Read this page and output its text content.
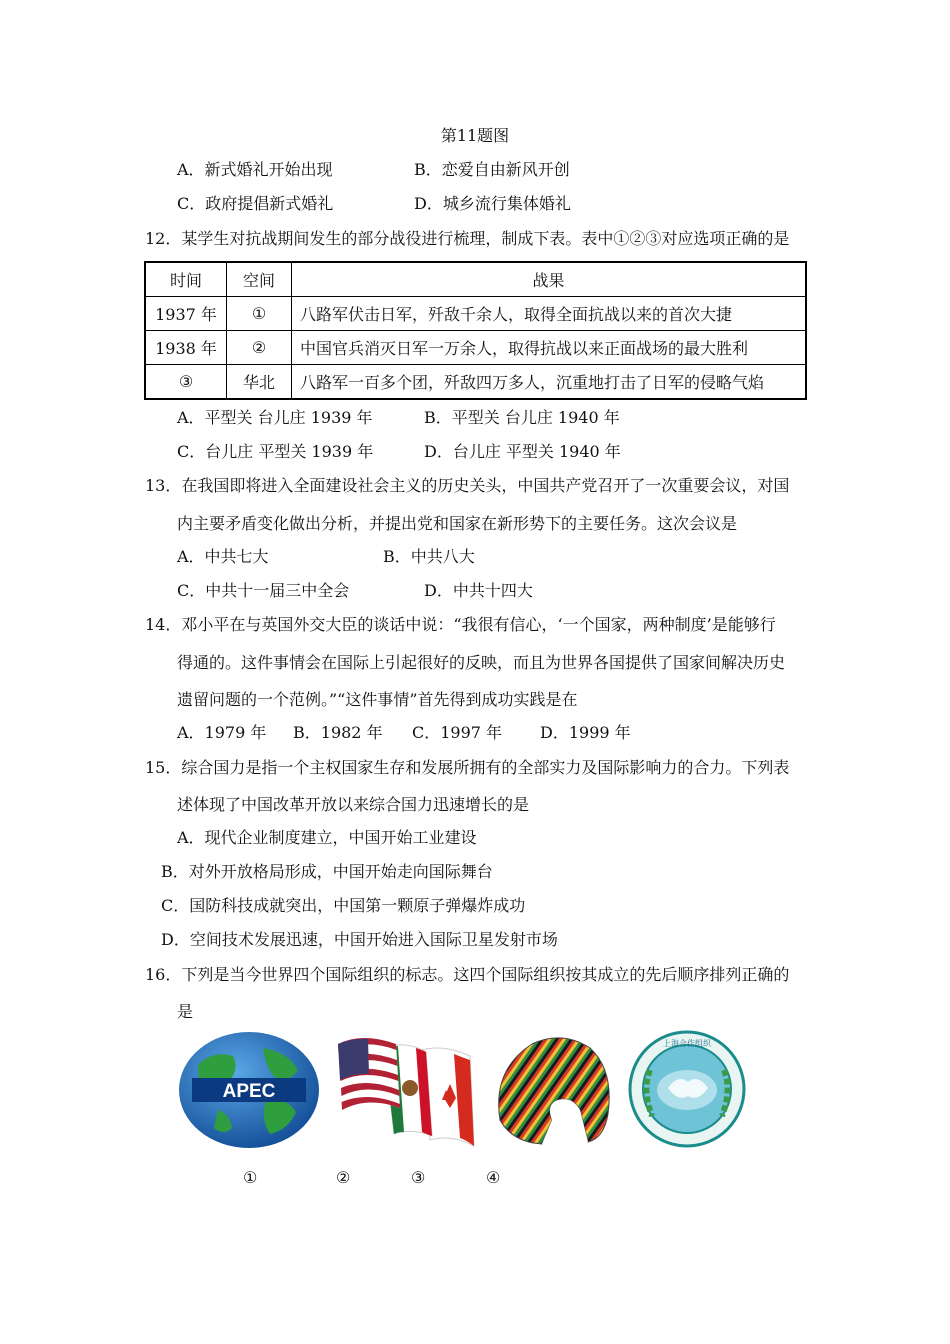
第11题图
A．新式婚礼开始出现	B．恋爱自由新风开创
C．政府提倡新式婚礼	D．城乡流行集体婚礼
12．某学生对抗战期间发生的部分战役进行梳理，制成下表。表中①②③对应选项正确的是
时间	空间	战果
1937 年	①	八路军伏击日军，歼敌千余人，取得全面抗战以来的首次大捷
1938 年	②	中国官兵消灭日军一万余人，取得抗战以来正面战场的最大胜利
③	华北	八路军一百多个团，歼敌四万多人，沉重地打击了日军的侵略气焰
A．平型关 台儿庄 1939 年	B．平型关 台儿庄 1940 年
C．台儿庄 平型关 1939 年	D．台儿庄 平型关 1940 年
13．在我国即将进入全面建设社会主义的历史关头，中国共产党召开了一次重要会议，对国
内主要矛盾变化做出分析，并提出党和国家在新形势下的主要任务。这次会议是
A．中共七大	B．中共八大
C．中共十一届三中全会	D．中共十四大
14．邓小平在与英国外交大臣的谈话中说：“我很有信心，‘一个国家，两种制度’是能够行
得通的。这件事情会在国际上引起很好的反映，而且为世界各国提供了国家间解决历史
遗留问题的一个范例。”“这件事情”首先得到成功实践是在
A．1979 年 B．1982 年 C．1997 年 D．1999 年
15．综合国力是指一个主权国家生存和发展所拥有的全部实力及国际影响力的合力。下列表
述体现了中国改革开放以来综合国力迅速增长的是
A．现代企业制度建立，中国开始工业建设
B．对外开放格局形成，中国开始走向国际舞台
C．国防科技成就突出，中国第一颗原子弹爆炸成功
D．空间技术发展迅速，中国开始进入国际卫星发射市场
16．下列是当今世界四个国际组织的标志。这四个国际组织按其成立的先后顺序排列正确的
是
APEC
上海合作组织
①	②	③	④
